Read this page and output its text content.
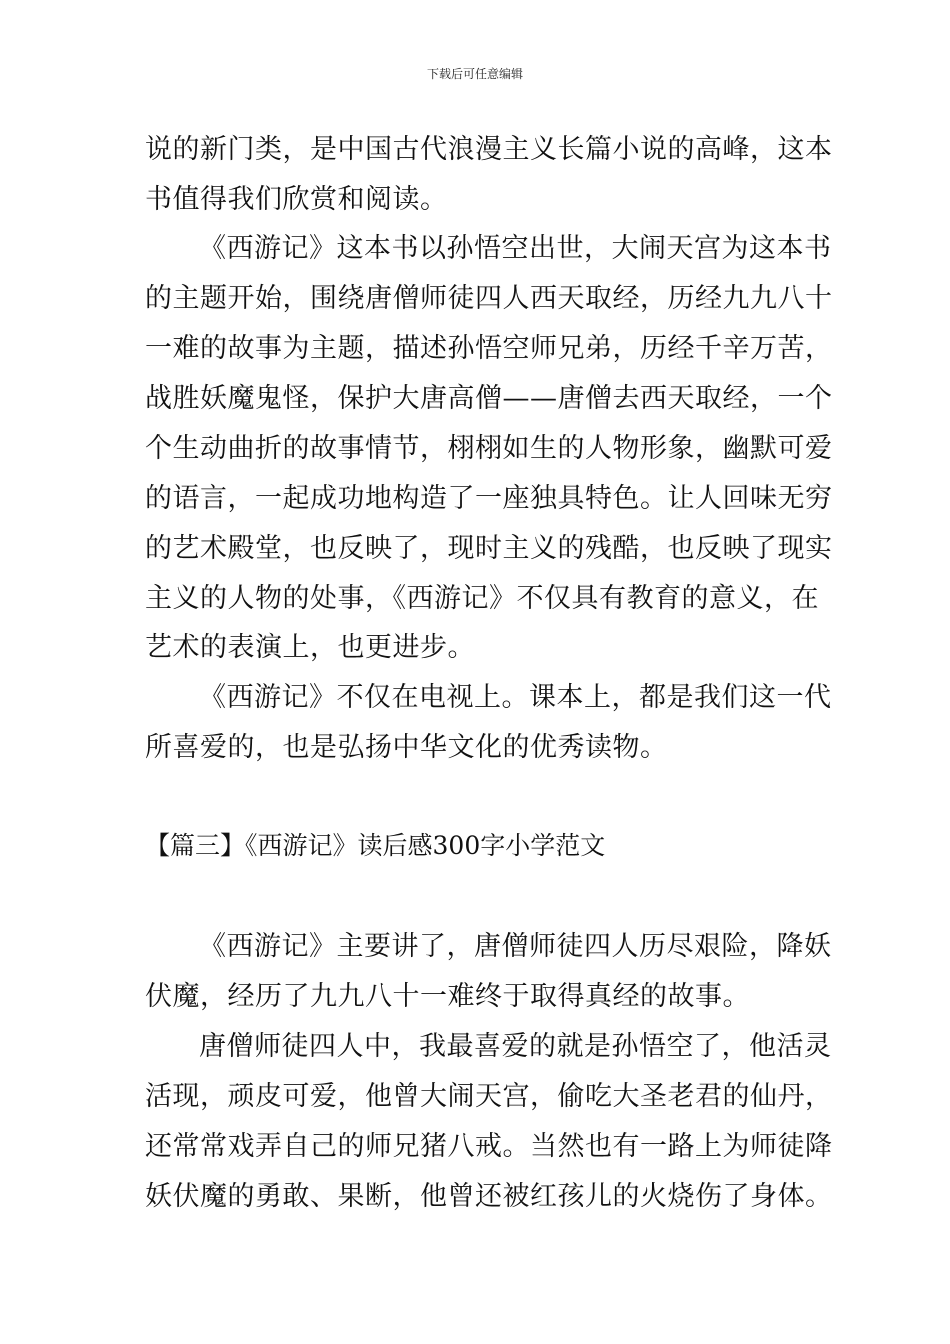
下载后可任意编辑
说的新门类，是中国古代浪漫主义长篇小说的高峰，这本
书值得我们欣赏和阅读。
《西游记》这本书以孙悟空出世，大闹天宫为这本书
的主题开始，围绕唐僧师徒四人西天取经，历经九九八十
一难的故事为主题，描述孙悟空师兄弟，历经千辛万苦，
战胜妖魔鬼怪，保护大唐高僧——唐僧去西天取经，一个
个生动曲折的故事情节，栩栩如生的人物形象，幽默可爱
的语言，一起成功地构造了一座独具特色。让人回味无穷
的艺术殿堂，也反映了，现时主义的残酷，也反映了现实
主义的人物的处事，《西游记》不仅具有教育的意义，在
艺术的表演上，也更进步。
《西游记》不仅在电视上。课本上，都是我们这一代
所喜爱的，也是弘扬中华文化的优秀读物。
【篇三】《西游记》读后感300字小学范文
《西游记》主要讲了，唐僧师徒四人历尽艰险，降妖
伏魔，经历了九九八十一难终于取得真经的故事。
唐僧师徒四人中，我最喜爱的就是孙悟空了，他活灵
活现，顽皮可爱，他曾大闹天宫，偷吃大圣老君的仙丹，
还常常戏弄自己的师兄猪八戒。当然也有一路上为师徒降
妖伏魔的勇敢、果断，他曾还被红孩儿的火烧伤了身体。
